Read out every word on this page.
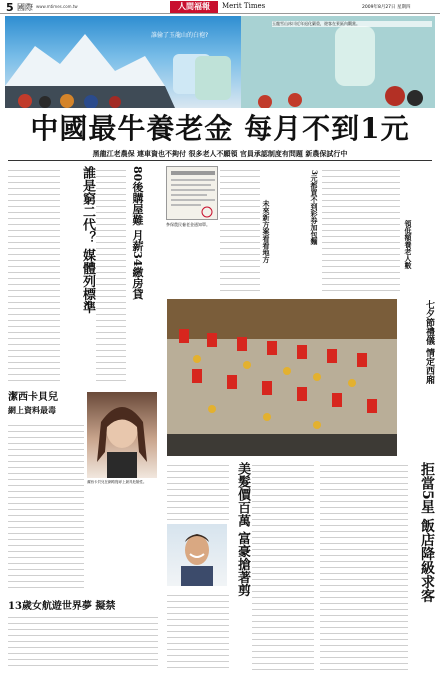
5 國際 www.mtimes.com.tw	人間福報	Merit Times	2009年8月27日 星期四
誰偷了玉龍山的白袍?
玉龍雪山冰川近年退化嚴重，遊客在景區內觀賞。
中國最牛養老金 每月不到1元
黑龍江老農保 連車資也不夠付 很多老人不願領 官員承認制度有問題 新農保試行中
誰是窮二代？ 媒體列標準	80後購屋難 月薪34繳房貸	參保農民養老金通知單。	未來新方案看看地方	3元都買不到彩券加包麵	領低額養老人數
七夕節禮儀 情定西廂
潔西卡貝兒
網上資料最毒
潔西卡貝兒在網路搜尋上最具危險性。	美髮價百萬 富豪搶著剪	拒當5星 飯店降級求客
13歲女航遊世界夢 擬禁
